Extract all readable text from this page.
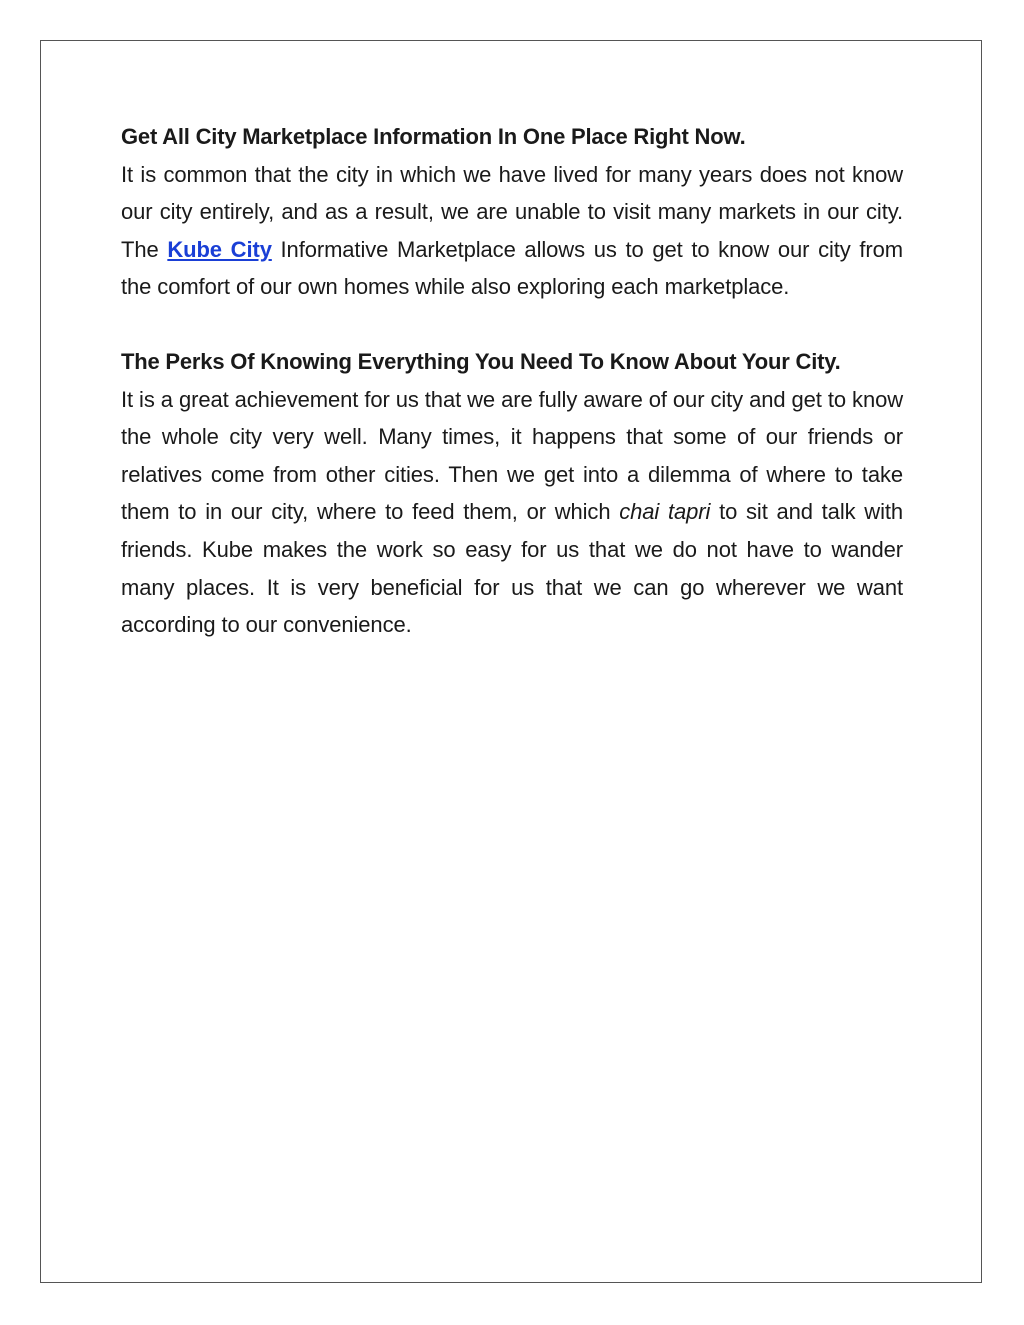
Get All City Marketplace Information In One Place Right Now.

It is common that the city in which we have lived for many years does not know our city entirely, and as a result, we are unable to visit many markets in our city. The Kube City Informative Marketplace allows us to get to know our city from the comfort of our own homes while also exploring each marketplace.

The Perks Of Knowing Everything You Need To Know About Your City.

It is a great achievement for us that we are fully aware of our city and get to know the whole city very well. Many times, it happens that some of our friends or relatives come from other cities. Then we get into a dilemma of where to take them to in our city, where to feed them, or which chai tapri to sit and talk with friends. Kube makes the work so easy for us that we do not have to wander many places. It is very beneficial for us that we can go wherever we want according to our convenience.
